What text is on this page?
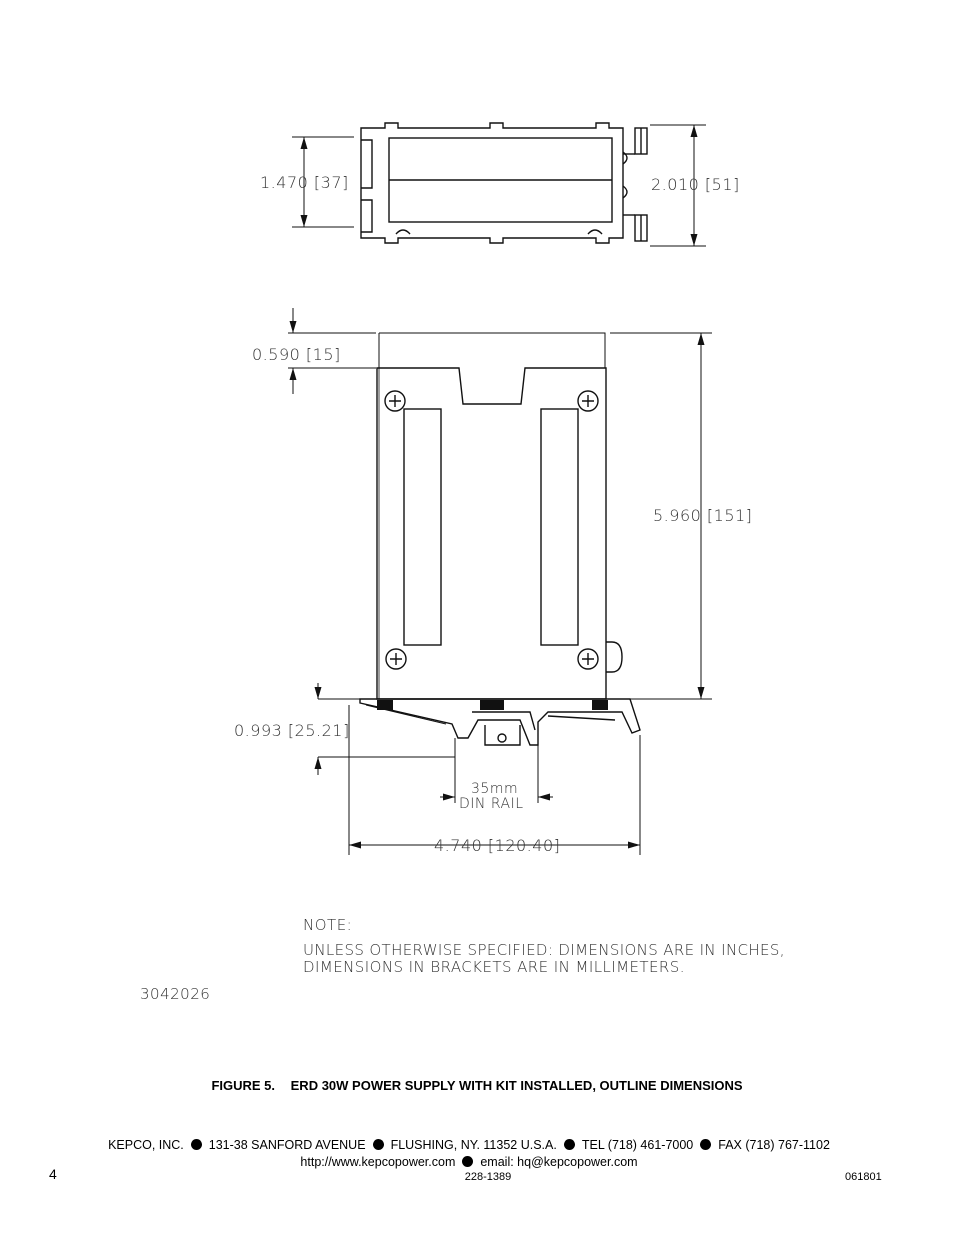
1.470 [37]	2.010 [51]
0.590 [15]
5.960 [151]
0.993 [25.21]
35mm
DIN RAIL
4.740 [120.40]
NOTE:
UNLESS OTHERWISE SPECIFIED: DIMENSIONS ARE IN INCHES,
DIMENSIONS IN BRACKETS ARE IN MILLIMETERS.
3042026
FIGURE 5. ERD 30W POWER SUPPLY WITH KIT INSTALLED, OUTLINE DIMENSIONS
KEPCO, INC. 131-38 SANFORD AVENUE FLUSHING, NY. 11352 U.S.A. TEL (718) 461-7000 FAX (718) 767-1102
http://www.kepcopower.com email: hq@kepcopower.com
4	228-1389	061801
